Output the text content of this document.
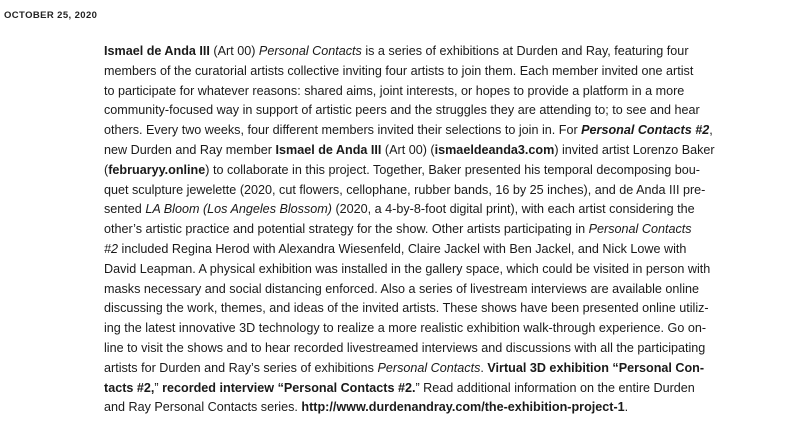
OCTOBER 25, 2020
Ismael de Anda III (Art 00) Personal Contacts is a series of exhibitions at Durden and Ray, featuring four
members of the curatorial artists collective inviting four artists to join them. Each member invited one artist
to participate for whatever reasons: shared aims, joint interests, or hopes to provide a platform in a more
community-focused way in support of artistic peers and the struggles they are attending to; to see and hear
others. Every two weeks, four different members invited their selections to join in. For Personal Contacts #2,
new Durden and Ray member Ismael de Anda III (Art 00) (ismaeldeanda3.com) invited artist Lorenzo Baker
(februaryy.online) to collaborate in this project. Together, Baker presented his temporal decomposing bou-
quet sculpture jewelette (2020, cut flowers, cellophane, rubber bands, 16 by 25 inches), and de Anda III pre-
sented LA Bloom (Los Angeles Blossom) (2020, a 4-by-8-foot digital print), with each artist considering the
other’s artistic practice and potential strategy for the show. Other artists participating in Personal Contacts
#2 included Regina Herod with Alexandra Wiesenfeld, Claire Jackel with Ben Jackel, and Nick Lowe with
David Leapman. A physical exhibition was installed in the gallery space, which could be visited in person with
masks necessary and social distancing enforced. Also a series of livestream interviews are available online
discussing the work, themes, and ideas of the invited artists. These shows have been presented online utiliz-
ing the latest innovative 3D technology to realize a more realistic exhibition walk-through experience. Go on-
line to visit the shows and to hear recorded livestreamed interviews and discussions with all the participating
artists for Durden and Ray’s series of exhibitions Personal Contacts. Virtual 3D exhibition “Personal Con-
tacts #2,” recorded interview “Personal Contacts #2.” Read additional information on the entire Durden
and Ray Personal Contacts series. http://www.durdenandray.com/the-exhibition-project-1.
